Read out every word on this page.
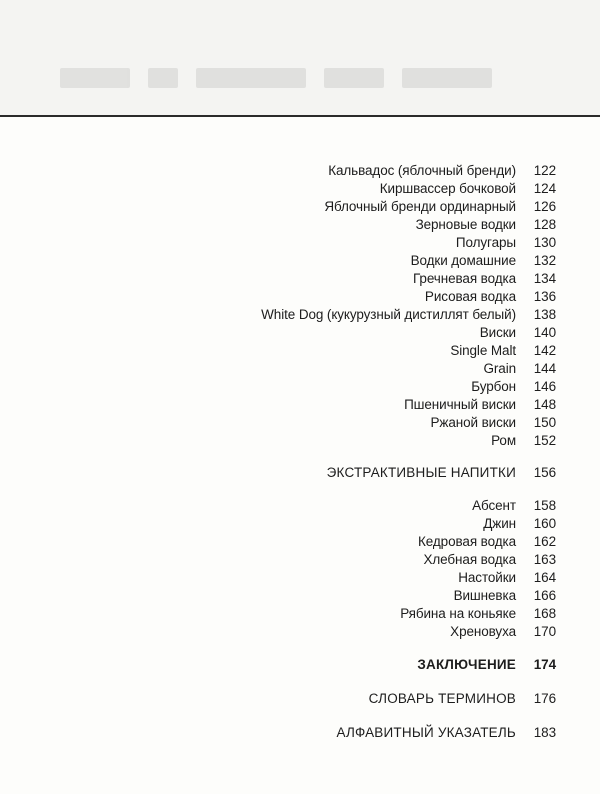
Кальвадос (яблочный бренди)	122
Киршвассер бочковой	124
Яблочный бренди ординарный	126
Зерновые водки	128
Полугары	130
Водки домашние	132
Гречневая водка	134
Рисовая водка	136
White Dog (кукурузный дистиллят белый)	138
Виски	140
Single Malt	142
Grain	144
Бурбон	146
Пшеничный виски	148
Ржаной виски	150
Ром	152
ЭКСТРАКТИВНЫЕ НАПИТКИ	156
Абсент	158
Джин	160
Кедровая водка	162
Хлебная водка	163
Настойки	164
Вишневка	166
Рябина на коньяке	168
Хреновуха	170
ЗАКЛЮЧЕНИЕ	174
СЛОВАРЬ ТЕРМИНОВ	176
АЛФАВИТНЫЙ УКАЗАТЕЛЬ	183
